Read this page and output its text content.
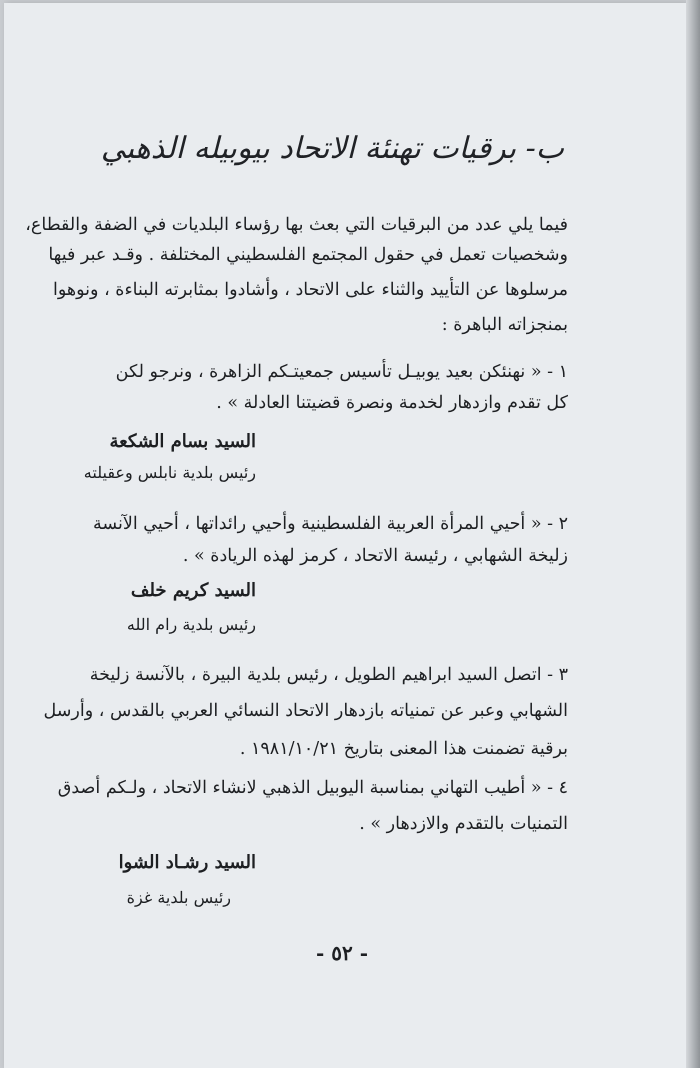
ب- برقيات تهنئة الاتحاد بيوبيله الذهبي
فيما يلي عدد من البرقيات التي بعث بها رؤساء البلديات في الضفة والقطاع،
وشخصيات تعمل في حقول المجتمع الفلسطيني المختلفة . وقـد عبر فيها
مرسلوها عن التأييد والثناء على الاتحاد ، وأشادوا بمثابرته البناءة ، ونوهوا
بمنجزاته الباهرة :
١ - « نهنئكن بعيد يوبيـل تأسيس جمعيتـكم الزاهرة ، ونرجو لكن
كل تقدم وازدهار لخدمة ونصرة قضيتنا العادلة » .
السيد بسام الشكعة
رئيس بلدية نابلس وعقيلته
٢ - « أحيي المرأة العربية الفلسطينية وأحيي رائداتها ، أحيي الآنسة
زليخة الشهابي ، رئيسة الاتحاد ، كرمز لهذه الريادة » .
السيد كريم خلف
رئيس بلدية رام الله
٣ - اتصل السيد ابراهيم الطويل ، رئيس بلدية البيرة ، بالآنسة زليخة
الشهابي وعبر عن تمنياته بازدهار الاتحاد النسائي العربي بالقدس ، وأرسل
برقية تضمنت هذا المعنى بتاريخ ١٩٨١/١٠/٢١ .
٤ - « أطيب التهاني بمناسبة اليوبيل الذهبي لانشاء الاتحاد ، ولـكم أصدق
التمنيات بالتقدم والازدهار » .
السيد رشـاد الشوا
رئيس بلدية غزة
- ٥٢ -
